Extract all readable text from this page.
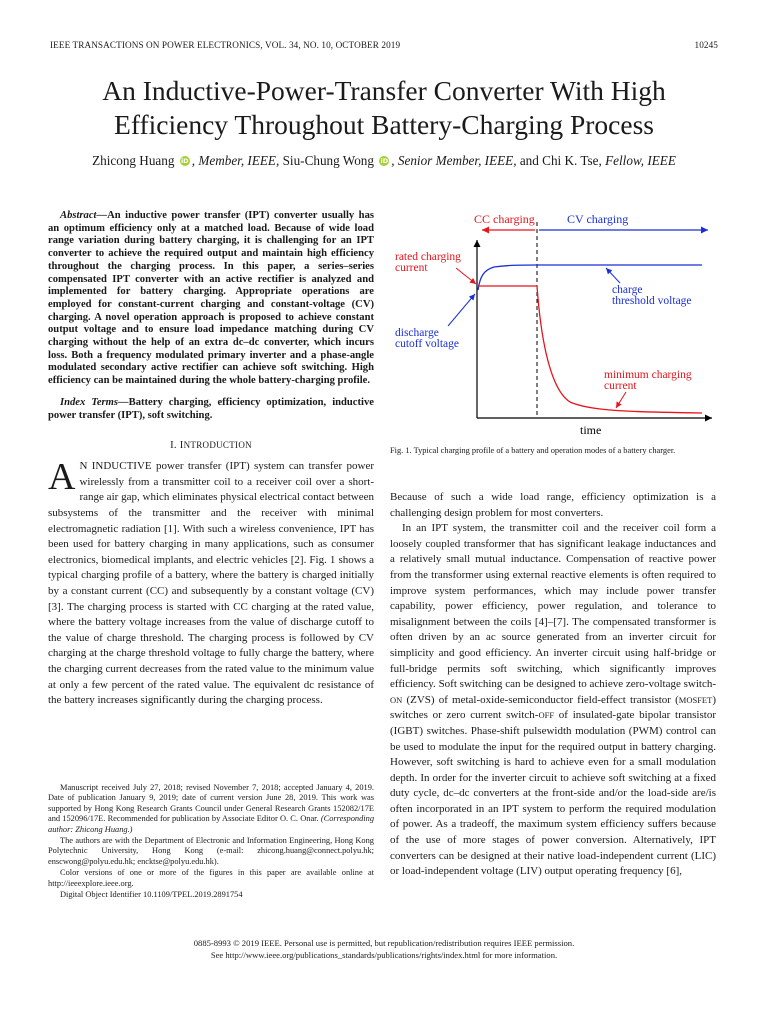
IEEE TRANSACTIONS ON POWER ELECTRONICS, VOL. 34, NO. 10, OCTOBER 2019	10245
An Inductive-Power-Transfer Converter With High
Efficiency Throughout Battery-Charging Process
Zhicong Huang iD , Member, IEEE, Siu-Chung Wong iD , Senior Member, IEEE, and Chi K. Tse, Fellow, IEEE

Abstract—An inductive power transfer (IPT) converter usually has an optimum efficiency only at a matched load. Because of wide load range variation during battery charging, it is challenging for an IPT converter to achieve the required output and maintain high efficiency throughout the charging process. In this paper, a series–series compensated IPT converter with an active rectifier is analyzed and implemented for battery charging. Appropriate operations are employed for constant-current charging and constant-voltage (CV) charging. A novel operation approach is proposed to achieve constant output voltage and to ensure load impedance matching during CV charging without the help of an extra dc–dc converter, which incurs loss. Both a frequency modulated primary inverter and a phase-angle modulated secondary active rectifier can achieve soft switching. High efficiency can be maintained during the whole battery-charging profile.

Index Terms—Battery charging, efficiency optimization, inductive power transfer (IPT), soft switching.

I. INTRODUCTION

A N INDUCTIVE power transfer (IPT) system can transfer power wirelessly from a transmitter coil to a receiver coil over a short-range air gap, which eliminates physical electrical contact between subsystems of the transmitter and the receiver with minimal electromagnetic radiation [1]. With such a wireless convenience, IPT has been used for battery charging in many applications, such as consumer electronics, biomedical implants, and electric vehicles [2]. Fig. 1 shows a typical charging profile of a battery, where the battery is charged initially by a constant current (CC) and subsequently by a constant voltage (CV) [3]. The charging process is started with CC charging at the rated value, where the battery voltage increases from the value of discharge cutoff to the value of charge threshold. The charging process is followed by CV charging at the charge threshold voltage to fully charge the battery, where the charging current decreases from the rated value to the minimum value at only a few percent of the rated value. The equivalent dc resistance of the battery increases significantly during the charging process.

Manuscript received July 27, 2018; revised November 7, 2018; accepted January 4, 2019. Date of publication January 9, 2019; date of current version June 28, 2019. This work was supported by Hong Kong Research Grants Council under General Research Grants 152082/17E and 152096/17E. Recommended for publication by Associate Editor O. C. Onar. (Corresponding author: Zhicong Huang.)

The authors are with the Department of Electronic and Information Engineering, Hong Kong Polytechnic University, Hong Kong (e-mail: zhicong.huang@connect.polyu.hk; enscwong@polyu.edu.hk; encktse@polyu.edu.hk).

Color versions of one or more of the figures in this paper are available online at http://ieeexplore.ieee.org.

Digital Object Identifier 10.1109/TPEL.2019.2891754

CC charging	CV charging
rated charging
current
charge
threshold voltage
discharge
cutoff voltage
minimum charging
current
time
Fig. 1. Typical charging profile of a battery and operation modes of a battery charger.

Because of such a wide load range, efficiency optimization is a challenging design problem for most converters.

In an IPT system, the transmitter coil and the receiver coil form a loosely coupled transformer that has significant leakage inductances and a relatively small mutual inductance. Compensation of reactive power from the transformer using external reactive elements is often required to improve system performances, which may include power transfer capability, power efficiency, power regulation, and tolerance to misalignment between the coils [4]–[7]. The compensated transformer is often driven by an ac source generated from an inverter circuit for simplicity and good efficiency. An inverter circuit using half-bridge or full-bridge permits soft switching, which significantly improves efficiency. Soft switching can be designed to achieve zero-voltage switch-ON (ZVS) of metal-oxide-semiconductor field-effect transistor (MOSFET) switches or zero current switch-OFF of insulated-gate bipolar transistor (IGBT) switches. Phase-shift pulsewidth modulation (PWM) control can be used to modulate the input for the required output in battery charging. However, soft switching is hard to achieve even for a small modulation depth. In order for the inverter circuit to achieve soft switching at a fixed duty cycle, dc–dc converters at the front-side and/or the load-side are/is often incorporated in an IPT system to perform the required modulation of power. As a tradeoff, the maximum system efficiency suffers because of the use of more stages of power conversion. Alternatively, IPT converters can be designed at their native load-independent current (LIC) or load-independent voltage (LIV) output operating frequency [6],

0885-8993 © 2019 IEEE. Personal use is permitted, but republication/redistribution requires IEEE permission.
See http://www.ieee.org/publications_standards/publications/rights/index.html for more information.
